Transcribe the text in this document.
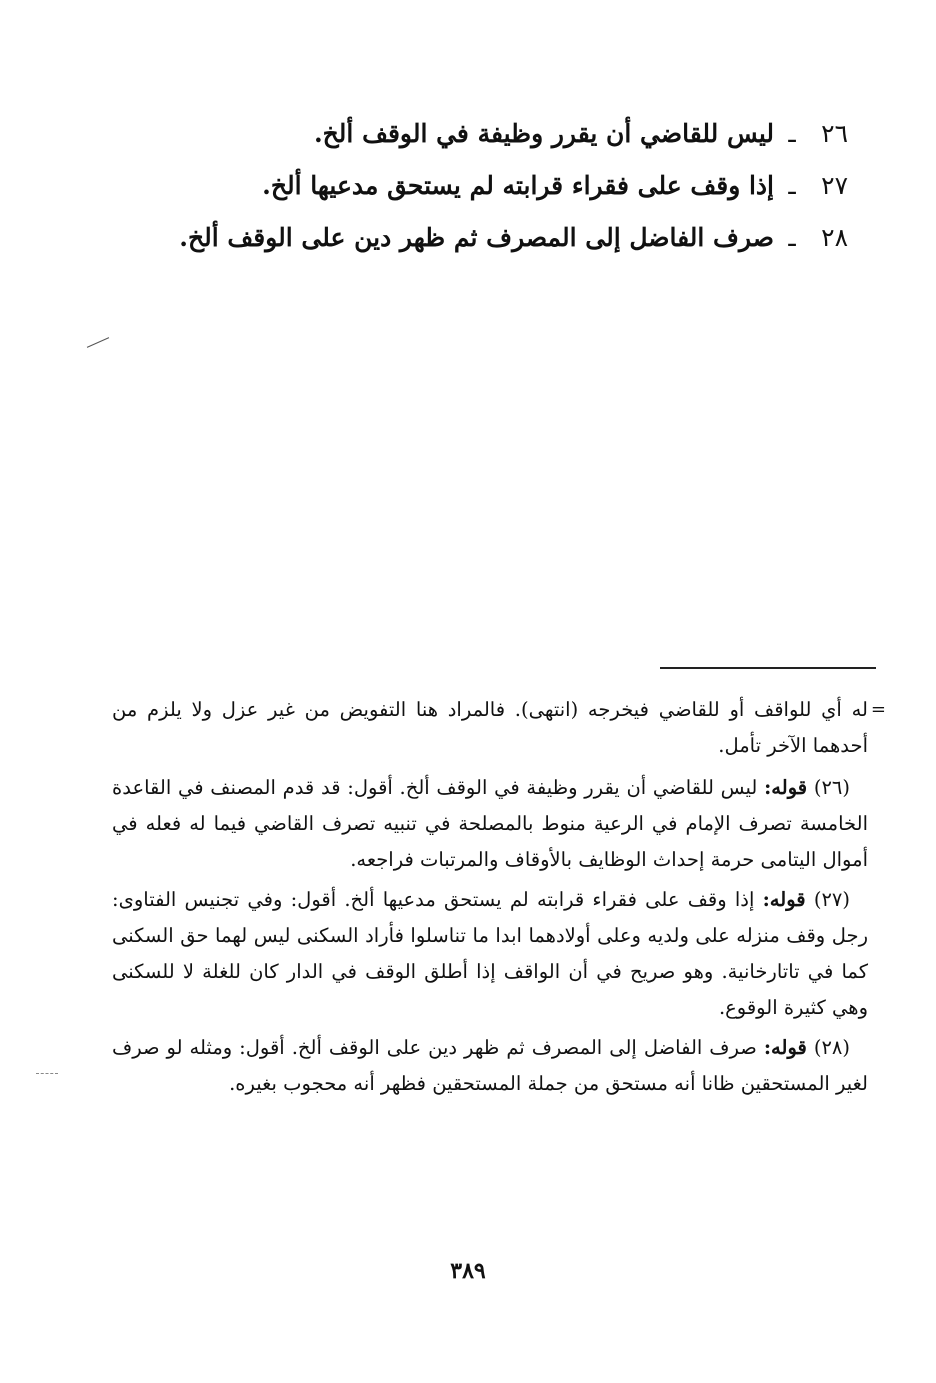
٢٦
ـ
ليس للقاضي أن يقرر وظيفة في الوقف ألخ.
٢٧
ـ
إذا وقف على فقراء قرابته لم يستحق مدعيها ألخ.
٢٨
ـ
صرف الفاضل إلى المصرف ثم ظهر دين على الوقف ألخ.

=
له أي للواقف أو للقاضي فيخرجه (انتهى). فالمراد هنا التفويض من غير عزل ولا يلزم من أحدهما الآخر تأمل.

(٢٦) قوله: ليس للقاضي أن يقرر وظيفة في الوقف ألخ. أقول: قد قدم المصنف في القاعدة الخامسة تصرف الإمام في الرعية منوط بالمصلحة في تنبيه تصرف القاضي فيما له فعله في أموال اليتامى حرمة إحداث الوظايف بالأوقاف والمرتبات فراجعه.

(٢٧) قوله: إذا وقف على فقراء قرابته لم يستحق مدعيها ألخ. أقول: وفي تجنيس الفتاوى: رجل وقف منزله على ولديه وعلى أولادهما ابدا ما تناسلوا فأراد السكنى ليس لهما حق السكنى كما في تاتارخانية. وهو صريح في أن الواقف إذا أطلق الوقف في الدار كان للغلة لا للسكنى وهي كثيرة الوقوع.

(٢٨) قوله: صرف الفاضل إلى المصرف ثم ظهر دين على الوقف ألخ. أقول: ومثله لو صرف لغير المستحقين ظانا أنه مستحق من جملة المستحقين فظهر أنه محجوب بغيره.

٣٨٩
